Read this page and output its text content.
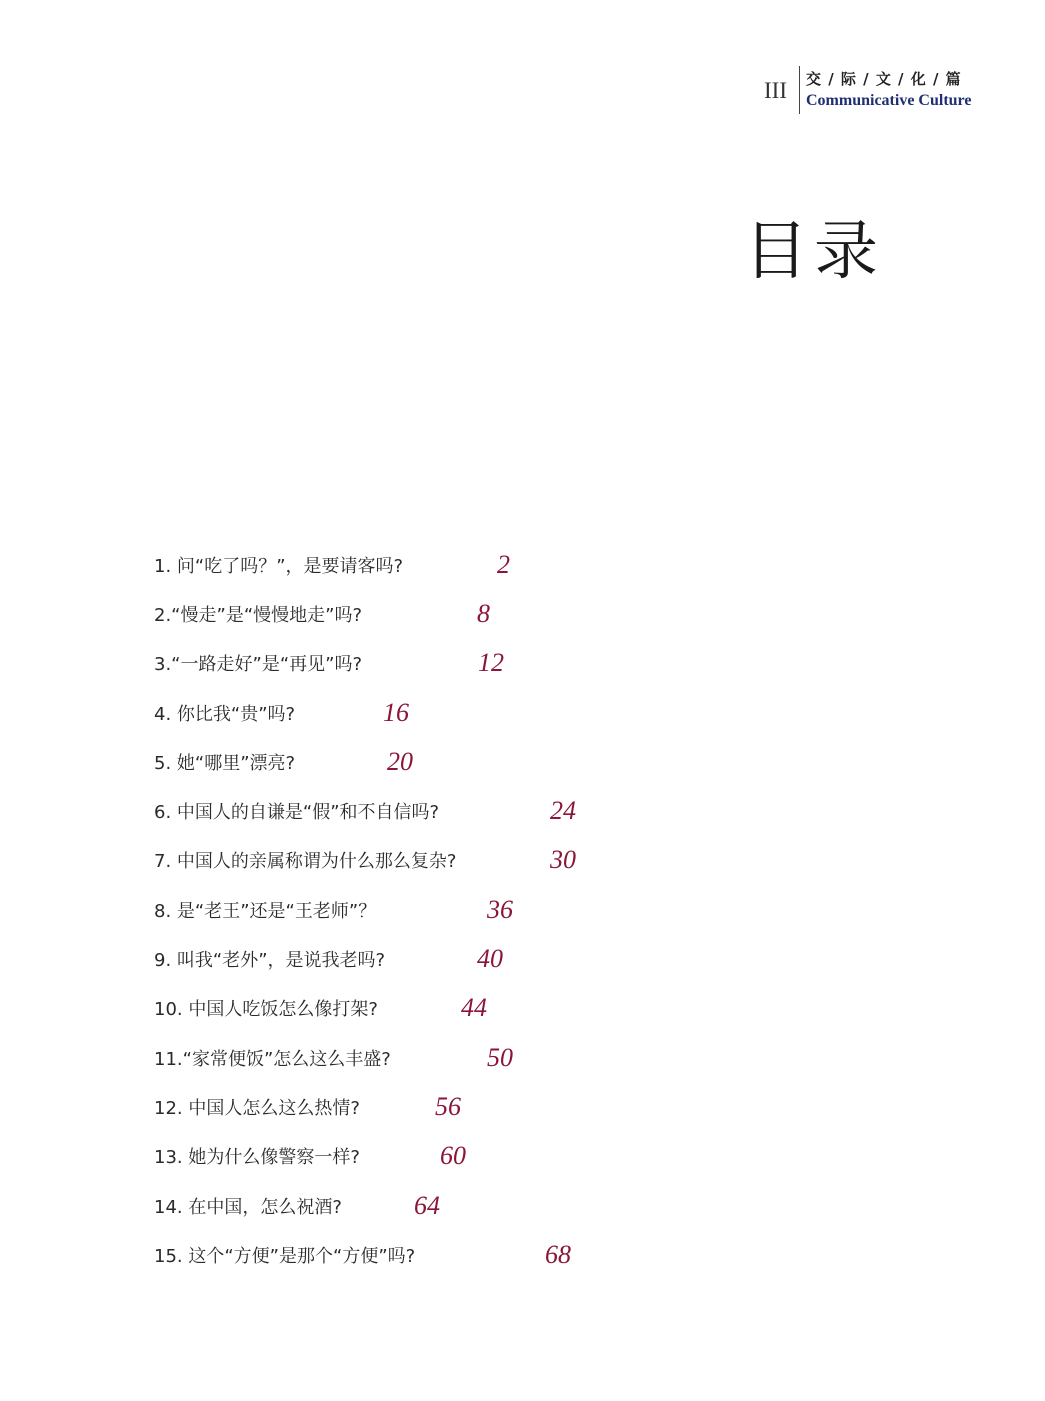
III	交 / 际 / 文 / 化 / 篇
Communicative Culture
目录
1. 问“吃了吗？”，是要请客吗?	2
2.“慢走”是“慢慢地走”吗?	8
3.“一路走好”是“再见”吗?	12
4. 你比我“贵”吗?	16
5. 她“哪里”漂亮?	20
6. 中国人的自谦是“假”和不自信吗?	24
7. 中国人的亲属称谓为什么那么复杂?	30
8. 是“老王”还是“王老师”？	36
9. 叫我“老外”，是说我老吗?	40
10. 中国人吃饭怎么像打架?	44
11.“家常便饭”怎么这么丰盛?	50
12. 中国人怎么这么热情?	56
13. 她为什么像警察一样?	60
14. 在中国，怎么祝酒?	64
15. 这个“方便”是那个“方便”吗?	68
